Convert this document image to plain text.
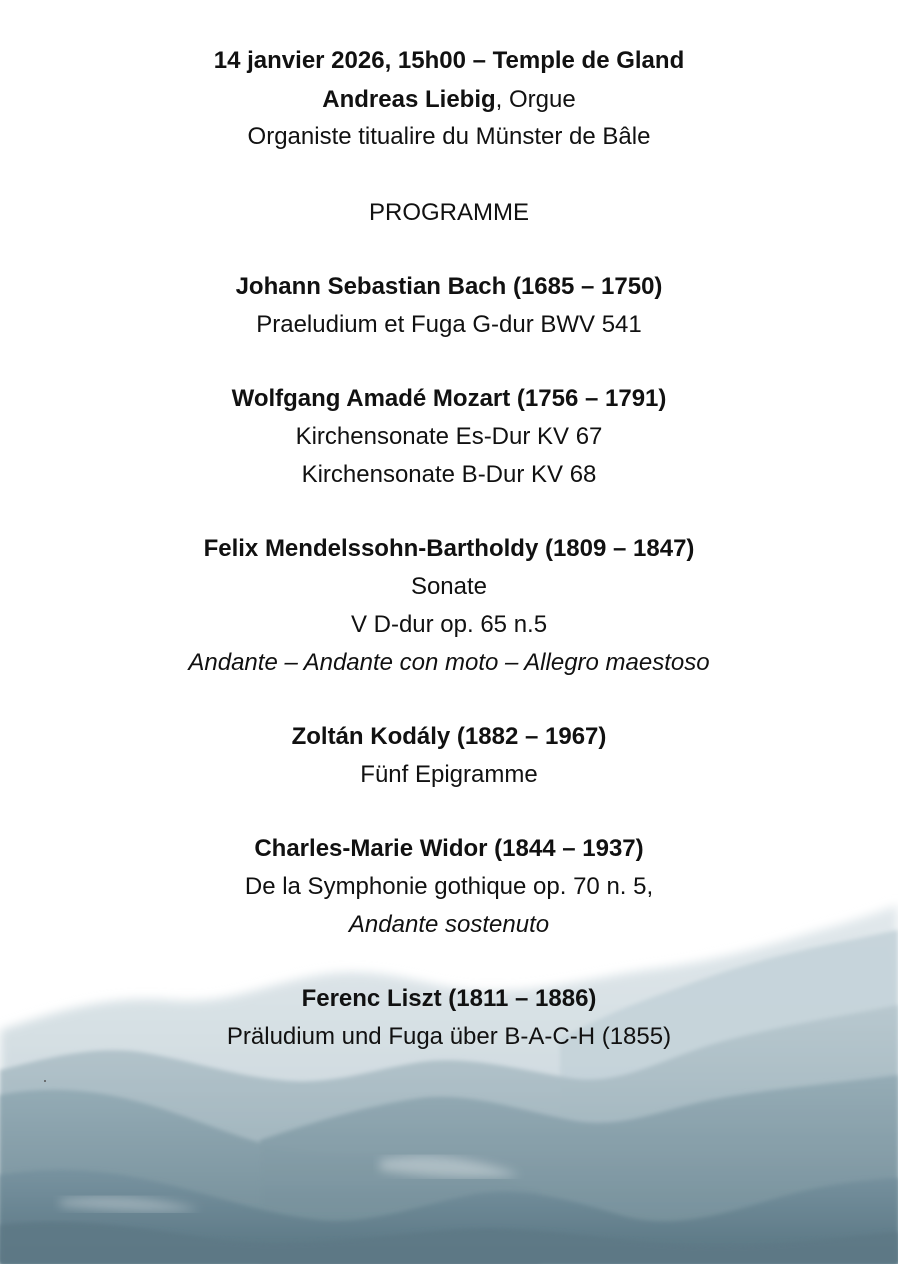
14 janvier 2026, 15h00 – Temple de Gland
Andreas Liebig, Orgue
Organiste titualire du Münster de Bâle
PROGRAMME
Johann Sebastian Bach (1685 – 1750)
Praeludium et Fuga G-dur BWV 541
Wolfgang Amadé Mozart (1756 – 1791)
Kirchensonate Es-Dur KV 67
Kirchensonate B-Dur KV 68
Felix Mendelssohn-Bartholdy (1809 – 1847)
Sonate
V D-dur op. 65 n.5
Andante – Andante con moto – Allegro maestoso
Zoltán Kodály (1882 – 1967)
Fünf Epigramme
Charles-Marie Widor (1844 – 1937)
De la Symphonie gothique op. 70 n. 5,
Andante sostenuto
Ferenc Liszt (1811 – 1886)
Präludium und Fuga über B-A-C-H (1855)
